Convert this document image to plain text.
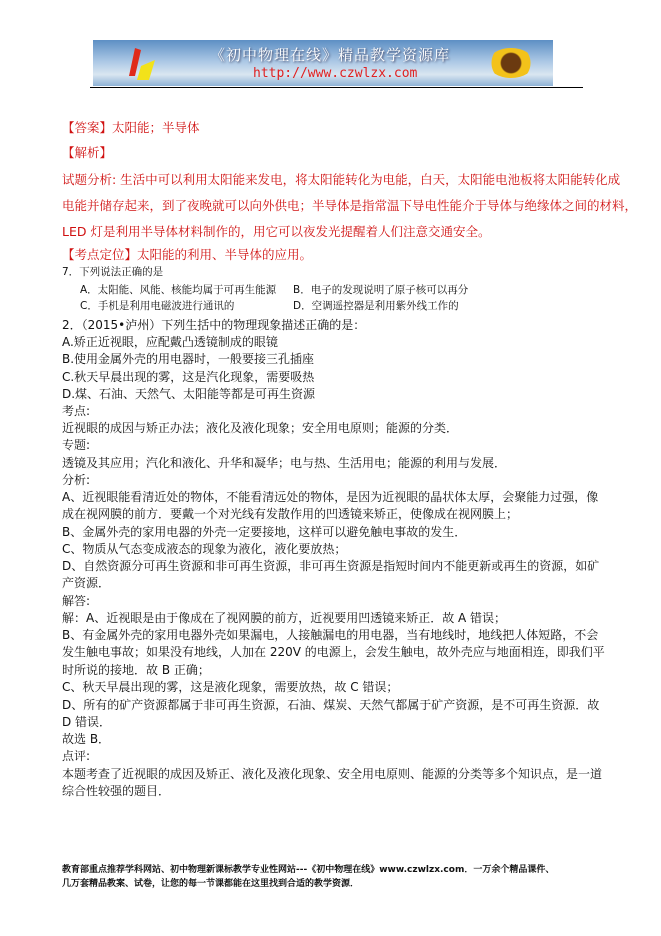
《初中物理在线》精品教学资源库
http://www.czwlzx.com
【答案】太阳能；半导体
【解析】
试题分析: 生活中可以利用太阳能来发电，将太阳能转化为电能，白天，太阳能电池板将太阳能转化成
电能并储存起来，到了夜晚就可以向外供电；半导体是指常温下导电性能介于导体与绝缘体之间的材料，
LED 灯是利用半导体材料制作的，用它可以夜发光提醒着人们注意交通安全。
【考点定位】太阳能的利用、半导体的应用。
7．下列说法正确的是
A．太阳能、风能、核能均属于可再生能源 B．电子的发现说明了原子核可以再分
C．手机是利用电磁波进行通讯的	D．空调遥控器是利用紫外线工作的
2．（2015•泸州）下列生括中的物理现象描述正确的是：
A.矫正近视眼，应配戴凸透镜制成的眼镜
B.使用金属外壳的用电器时，一般要接三孔插座
C.秋天早晨出现的雾，这是汽化现象，需要吸热
D.煤、石油、天然气、太阳能等都是可再生资源
考点:
近视眼的成因与矫正办法；液化及液化现象；安全用电原则；能源的分类．
专题:
透镜及其应用；汽化和液化、升华和凝华；电与热、生活用电；能源的利用与发展．
分析:
A、近视眼能看清近处的物体，不能看清远处的物体，是因为近视眼的晶状体太厚，会聚能力过强，像
成在视网膜的前方．要戴一个对光线有发散作用的凹透镜来矫正，使像成在视网膜上；
B、金属外壳的家用电器的外壳一定要接地，这样可以避免触电事故的发生．
C、物质从气态变成液态的现象为液化，液化要放热；
D、自然资源分可再生资源和非可再生资源，非可再生资源是指短时间内不能更新或再生的资源，如矿
产资源．
解答:
解：A、近视眼是由于像成在了视网膜的前方，近视要用凹透镜来矫正．故 A 错误；
B、有金属外壳的家用电器外壳如果漏电，人接触漏电的用电器，当有地线时，地线把人体短路，不会
发生触电事故；如果没有地线，人加在 220V 的电源上，会发生触电，故外壳应与地面相连，即我们平
时所说的接地．故 B 正确；
C、秋天早晨出现的雾，这是液化现象，需要放热，故 C 错误；
D、所有的矿产资源都属于非可再生资源，石油、煤炭、天然气都属于矿产资源，是不可再生资源．故
D 错误．
故选 B．
点评:
本题考查了近视眼的成因及矫正、液化及液化现象、安全用电原则、能源的分类等多个知识点，是一道
综合性较强的题目．
教育部重点推荐学科网站、初中物理新课标教学专业性网站---《初中物理在线》www.czwlzx.com．一万余个精品课件、
几万套精品教案、试卷，让您的每一节课都能在这里找到合适的教学资源．
